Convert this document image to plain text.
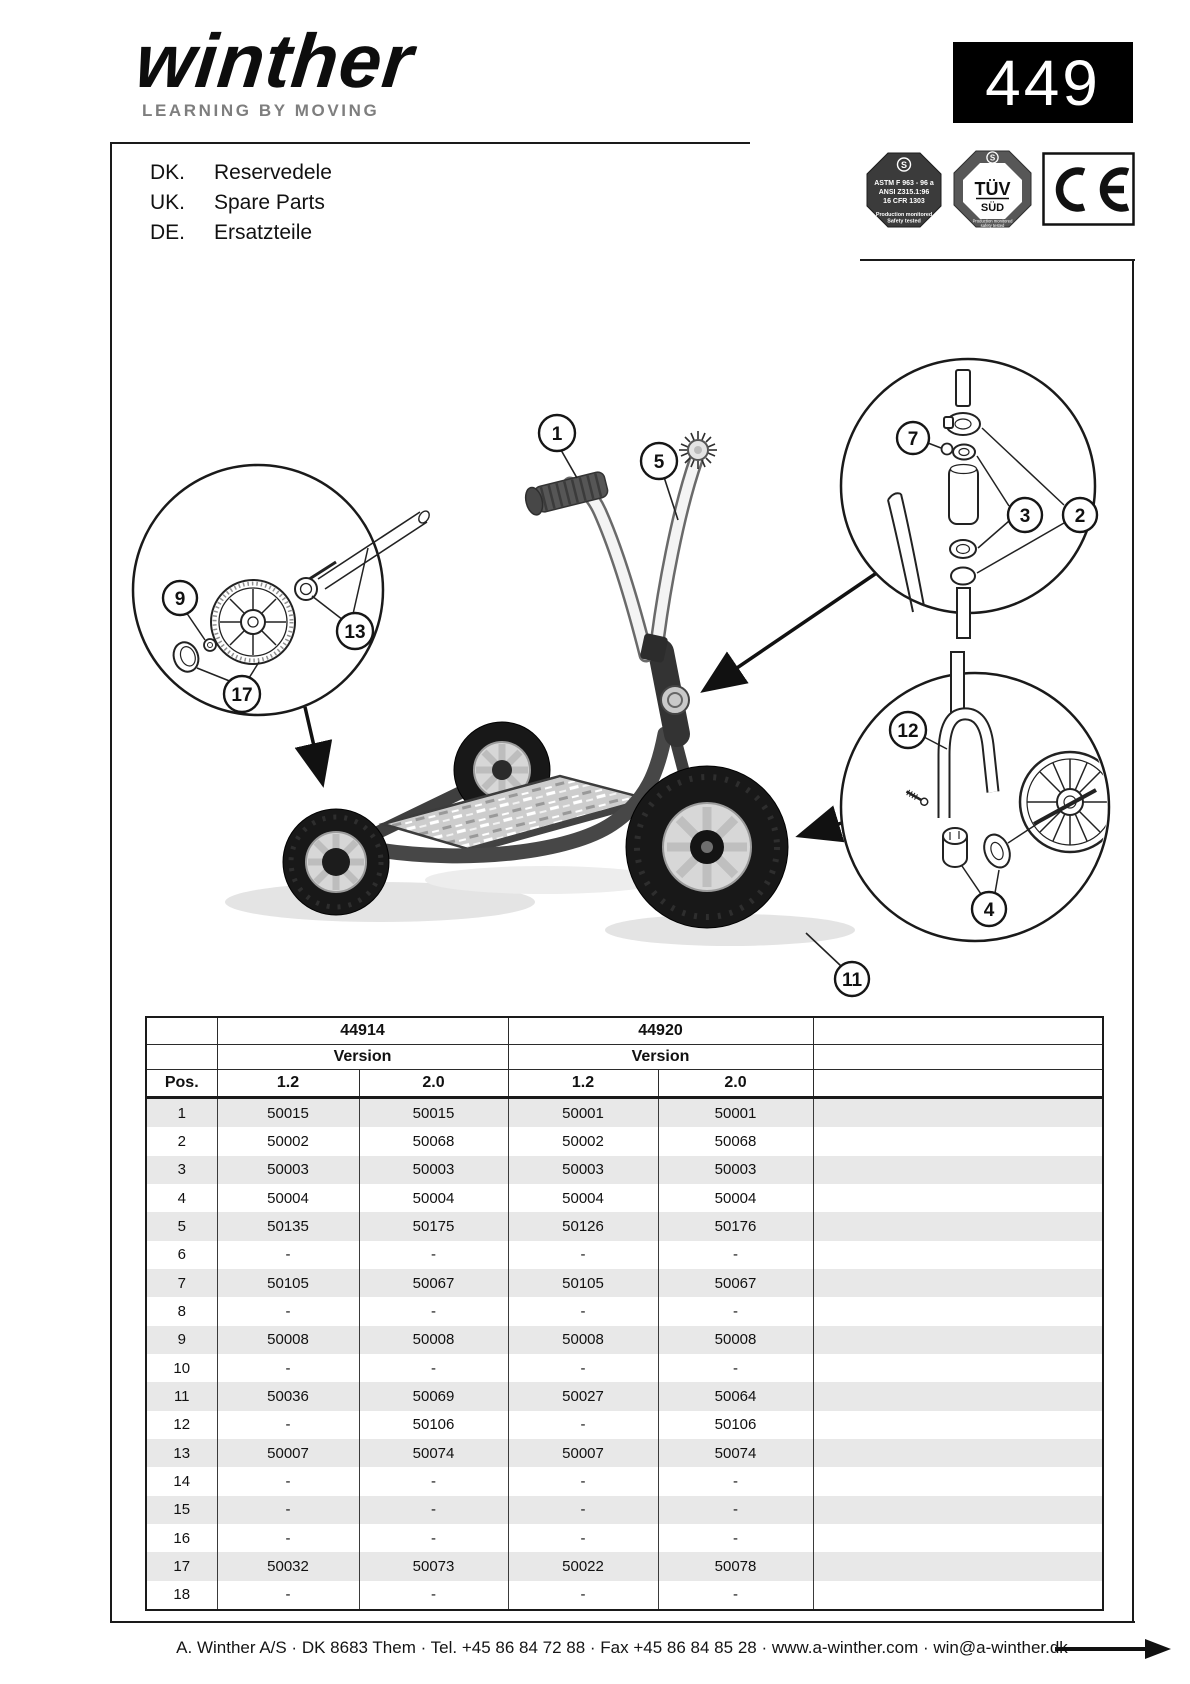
winther
LEARNING BY MOVING	449
DK.	Reservedele
UK.	Spare Parts
DE.	Ersatzteile
S
ASTM F 963 - 96 a
ANSI Z315.1:96
16 CFR 1303
Production monitored
Safety tested
S
TÜV
SÜD
Production monitored
safety tested
1
5
7
3 2
9
13
17
12
4
11
	44914		44920		
	Version		Version		
Pos.	1.2	2.0	1.2	2.0	
1	50015	50015	50001	50001	
2	50002	50068	50002	50068	
3	50003	50003	50003	50003	
4	50004	50004	50004	50004	
5	50135	50175	50126	50176	
6	-	-	-	-	
7	50105	50067	50105	50067	
8	-	-	-	-	
9	50008	50008	50008	50008	
10	-	-	-	-	
11	50036	50069	50027	50064	
12	-	50106	-	50106	
13	50007	50074	50007	50074	
14	-	-	-	-	
15	-	-	-	-	
16	-	-	-	-	
17	50032	50073	50022	50078	
18	-	-	-	-	
A. Winther A/S · DK 8683 Them · Tel. +45 86 84 72 88 · Fax +45 86 84 85 28 · www.a-winther.com · win@a-winther.dk
